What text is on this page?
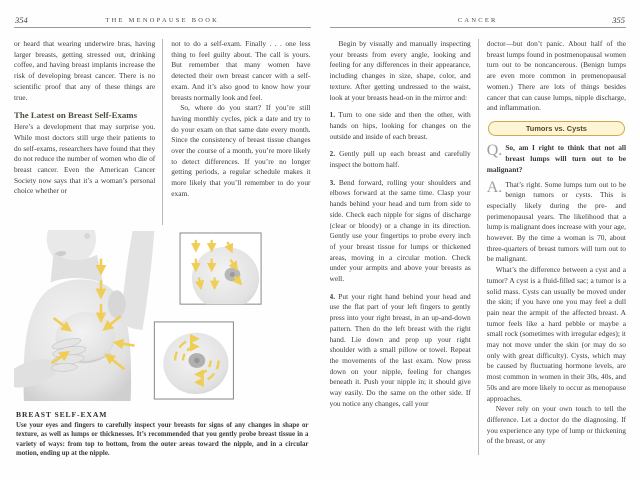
354	THE MENOPAUSE BOOK

or heard that wearing underwire bras, having larger breasts, getting stressed out, drinking coffee, and having breast implants increase the risk of developing breast cancer. There is no scientific proof that any of these things are true.

The Latest on Breast Self-Exams

Here’s a development that may surprise you. While most doctors still urge their patients to do self-exams, researchers have found that they do not reduce the number of women who die of breast cancer. Even the American Cancer Society now says that it’s a woman’s personal choice whether or

not to do a self-exam. Finally . . . one less thing to feel guilty about. The call is yours. But remember that many women have detected their own breast cancer with a self-exam. And it’s also good to know how your breasts normally look and feel.

So, where do you start? If you’re still having monthly cycles, pick a date and try to do your exam on that same date every month. Since the consistency of breast tissue changes over the course of a month, you’re more likely to detect differences. If you’re no longer getting periods, a regular schedule makes it more likely that you’ll remember to do your exam.

BREAST SELF-EXAM

Use your eyes and fingers to carefully inspect your breasts for signs of any changes in shape or texture, as well as lumps or thicknesses. It’s recommended that you gently probe breast tissue in a variety of ways: from top to bottom, from the outer areas toward the nipple, and in a circular motion, ending up at the nipple.

CANCER	355

Begin by visually and manually inspecting your breasts from every angle, looking and feeling for any differences in their appearance, including changes in size, shape, color, and texture. After getting undressed to the waist, look at your breasts head-on in the mirror and:

1. Turn to one side and then the other, with hands on hips, looking for changes on the outside and inside of each breast.

2. Gently pull up each breast and carefully inspect the bottom half.

3. Bend forward, rolling your shoulders and elbows forward at the same time. Clasp your hands behind your head and turn from side to side. Check each nipple for signs of discharge (clear or bloody) or a change in its direction. Gently use your fingertips to probe every inch of your breast tissue for lumps or thickened areas, moving in a circular motion. Check under your armpits and above your breasts as well.

4. Put your right hand behind your head and use the flat part of your left fingers to gently press into your right breast, in an up-and-down pattern. Then do the left breast with the right hand. Lie down and prop up your right shoulder with a small pillow or towel. Repeat the movements of the last exam. Now press down on your nipple, feeling for changes beneath it. Push your nipple in; it should give way easily. Do the same on the other side. If you notice any changes, call your

doctor—but don’t panic. About half of the breast lumps found in postmenopausal women turn out to be noncancerous. (Benign lumps are even more common in premenopausal women.) There are lots of things besides cancer that can cause lumps, nipple discharge, and inflammation.

Tumors vs. Cysts

Q. So, am I right to think that not all breast lumps will turn out to be malignant?

A. That’s right. Some lumps turn out to be benign tumors or cysts. This is especially likely during the pre- and perimenopausal years. The likelihood that a lump is malignant does increase with your age, however. By the time a woman is 70, about three-quarters of breast tumors will turn out to be malignant.

What’s the difference between a cyst and a tumor? A cyst is a fluid-filled sac; a tumor is a solid mass. Cysts can usually be moved under the skin; if you have one you may feel a dull pain near the armpit of the affected breast. A tumor feels like a hard pebble or maybe a small rock (sometimes with irregular edges); it may not move under the skin (or may do so only with great difficulty). Cysts, which may be caused by fluctuating hormone levels, are most common in women in their 30s, 40s, and 50s and are more likely to occur as menopause approaches.

Never rely on your own touch to tell the difference. Let a doctor do the diagnosing. If you experience any type of lump or thickening of the breast, or any
